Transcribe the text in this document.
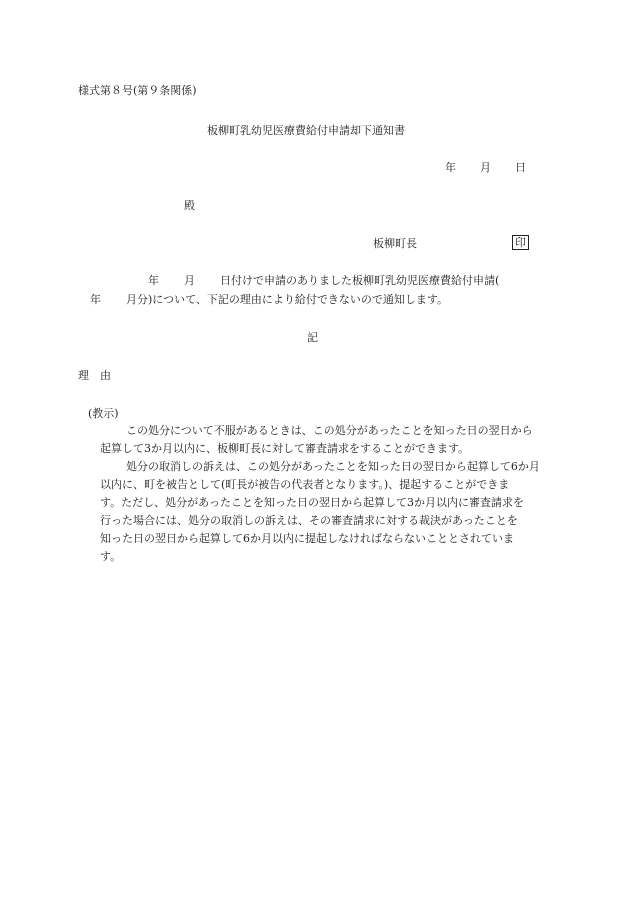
様式第８号(第９条関係)
板柳町乳幼児医療費給付申請却下通知書
年 月 日
殿
板柳町長	印
年 月 日付けで申請のありました板柳町乳幼児医療費給付申請(
年 月分)について、下記の理由により給付できないので通知します。
記
理　由
(教示)
この処分について不服があるときは、この処分があったことを知った日の翌日から
起算して3か月以内に、板柳町長に対して審査請求をすることができます。
処分の取消しの訴えは、この処分があったことを知った日の翌日から起算して6か月
以内に、町を被告として(町長が被告の代表者となります。)、提起することができま
す。ただし、処分があったことを知った日の翌日から起算して3か月以内に審査請求を
行った場合には、処分の取消しの訴えは、その審査請求に対する裁決があったことを
知った日の翌日から起算して6か月以内に提起しなければならないこととされていま
す。
